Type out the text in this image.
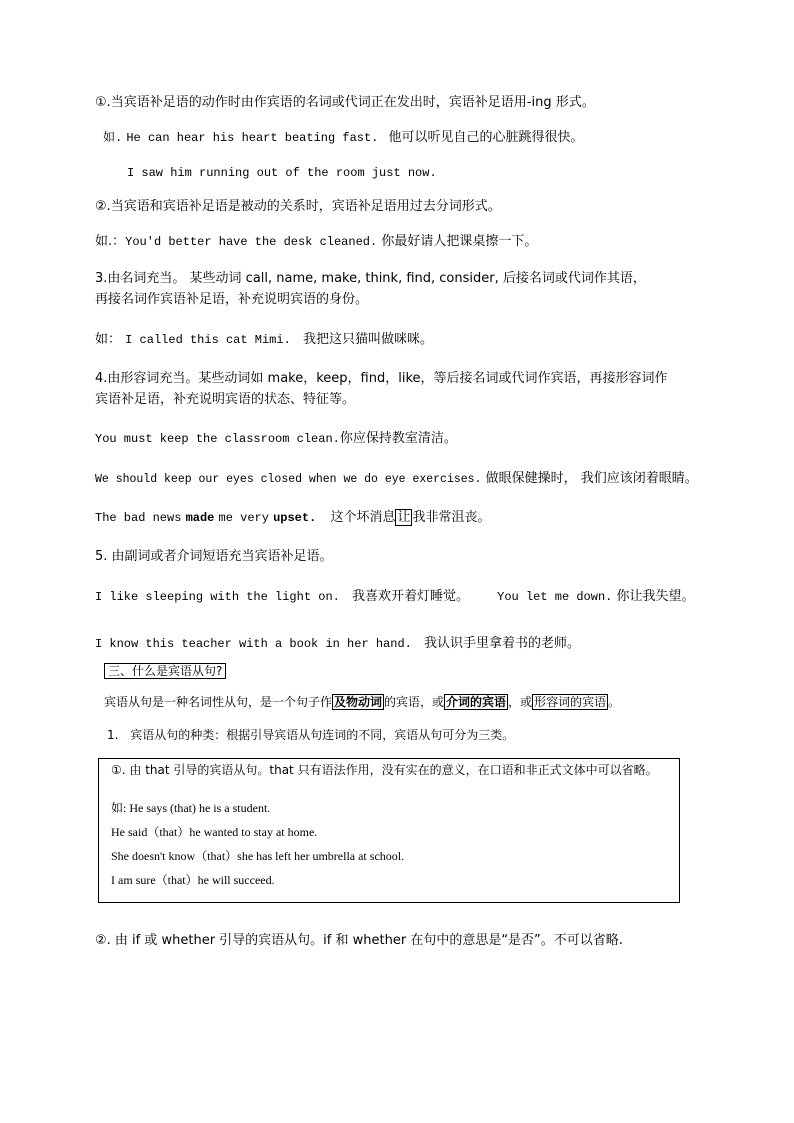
①.当宾语补足语的动作时由作宾语的名词或代词正在发出时，宾语补足语用-ing 形式。
如. He can hear his heart beating fast. 他可以听见自己的心脏跳得很快。
I saw him running out of the room just now.
②.当宾语和宾语补足语是被动的关系时，宾语补足语用过去分词形式。
如.：You'd better have the desk cleaned. 你最好请人把课桌擦一下。
3.由名词充当。 某些动词 call, name, make, think, find, consider, 后接名词或代词作其语，
再接名词作宾语补足语，补充说明宾语的身份。
如： I called this cat Mimi. 我把这只猫叫做咪咪。
4.由形容词充当。某些动词如 make，keep，find，like，等后接名词或代词作宾语，再接形容词作
宾语补足语，补充说明宾语的状态、特征等。
You must keep the classroom clean.你应保持教室清洁。
We should keep our eyes closed when we do eye exercises. 做眼保健操时， 我们应该闭着眼睛。
The bad news made me very upset. 这个坏消息 让 我非常沮丧。
5. 由副词或者介词短语充当宾语补足语。
I like sleeping with the light on. 我喜欢开着灯睡觉。 You let me down. 你让我失望。
I know this teacher with a book in her hand. 我认识手里拿着书的老师。
三、什么是宾语从句?
宾语从句是一种名词性从句，是一个句子作 及物动词 的宾语，或 介词的宾语 ，或 形容词的宾语 。
1. 宾语从句的种类：根据引导宾语从句连词的不同，宾语从句可分为三类。
①. 由 that 引导的宾语从句。that 只有语法作用，没有实在的意义，在口语和非正式文体中可以省略。
如: He says (that) he is a student.
He said（that）he wanted to stay at home.
She doesn't know（that）she has left her umbrella at school.
I am sure（that）he will succeed.
②. 由 if 或 whether 引导的宾语从句。if 和 whether 在句中的意思是“是否”。不可以省略.
